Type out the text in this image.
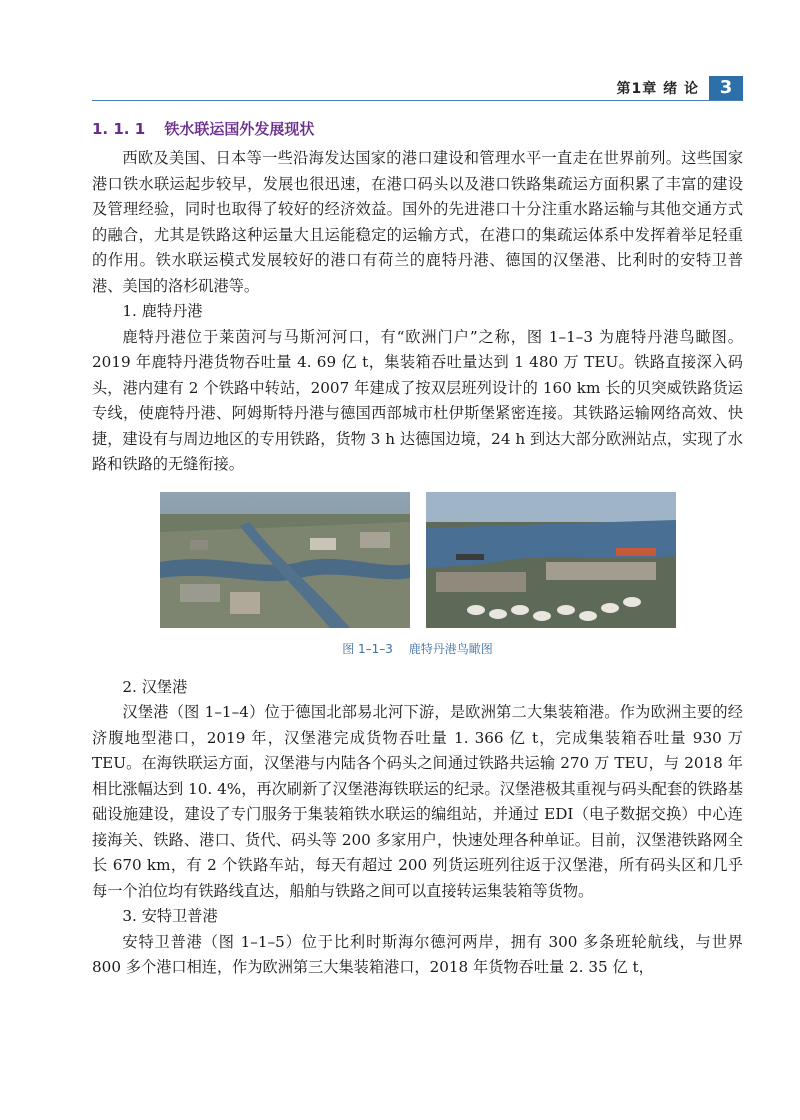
第1章 绪 论	3
1. 1. 1 铁水联运国外发展现状

西欧及美国、日本等一些沿海发达国家的港口建设和管理水平一直走在世界前列。这些国家港口铁水联运起步较早，发展也很迅速，在港口码头以及港口铁路集疏运方面积累了丰富的建设及管理经验，同时也取得了较好的经济效益。国外的先进港口十分注重水路运输与其他交通方式的融合，尤其是铁路这种运量大且运能稳定的运输方式，在港口的集疏运体系中发挥着举足轻重的作用。铁水联运模式发展较好的港口有荷兰的鹿特丹港、德国的汉堡港、比利时的安特卫普港、美国的洛杉矶港等。

1. 鹿特丹港

鹿特丹港位于莱茵河与马斯河河口，有“欧洲门户”之称，图 1–1–3 为鹿特丹港鸟瞰图。2019 年鹿特丹港货物吞吐量 4. 69 亿 t，集装箱吞吐量达到 1 480 万 TEU。铁路直接深入码头，港内建有 2 个铁路中转站，2007 年建成了按双层班列设计的 160 km 长的贝突威铁路货运专线，使鹿特丹港、阿姆斯特丹港与德国西部城市杜伊斯堡紧密连接。其铁路运输网络高效、快捷，建设有与周边地区的专用铁路，货物 3 h 达德国边境，24 h 到达大部分欧洲站点，实现了水路和铁路的无缝衔接。

图 1–1–3 鹿特丹港鸟瞰图

2. 汉堡港

汉堡港（图 1–1–4）位于德国北部易北河下游，是欧洲第二大集装箱港。作为欧洲主要的经济腹地型港口，2019 年，汉堡港完成货物吞吐量 1. 366 亿 t，完成集装箱吞吐量 930 万 TEU。在海铁联运方面，汉堡港与内陆各个码头之间通过铁路共运输 270 万 TEU，与 2018 年相比涨幅达到 10. 4%，再次刷新了汉堡港海铁联运的纪录。汉堡港极其重视与码头配套的铁路基础设施建设，建设了专门服务于集装箱铁水联运的编组站，并通过 EDI（电子数据交换）中心连接海关、铁路、港口、货代、码头等 200 多家用户，快速处理各种单证。目前，汉堡港铁路网全长 670 km，有 2 个铁路车站，每天有超过 200 列货运班列往返于汉堡港，所有码头区和几乎每一个泊位均有铁路线直达，船舶与铁路之间可以直接转运集装箱等货物。

3. 安特卫普港

安特卫普港（图 1–1–5）位于比利时斯海尔德河两岸，拥有 300 多条班轮航线，与世界 800 多个港口相连，作为欧洲第三大集装箱港口，2018 年货物吞吐量 2. 35 亿 t，
